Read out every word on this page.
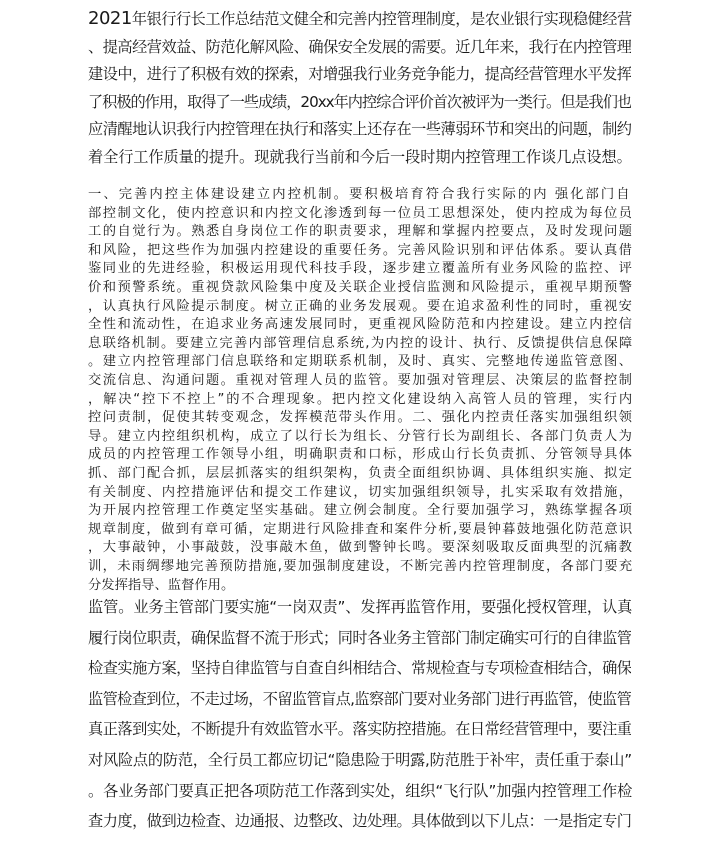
2021年银行行长工作总结范文健全和完善内控管理制度，是农业银行实现稳健经营
、提高经营效益、防范化解风险、确保安全发展的需要。近几年来，我行在内控管理
建设中，进行了积极有效的探索，对增强我行业务竞争能力，提高经营管理水平发挥
了积极的作用，取得了一些成绩，20xx年内控综合评价首次被评为一类行。但是我们也
应清醒地认识我行内控管理在执行和落实上还存在一些薄弱环节和突出的问题，制约
着全行工作质量的提升。现就我行当前和今后一段时期内控管理工作谈几点设想。
一、完善内控主体建设建立内控机制。要积极培育符合我行实际的内 强化部门自
部控制文化，使内控意识和内控文化渗透到每一位员工思想深处，使内控成为每位员
工的自觉行为。熟悉自身岗位工作的职责要求，理解和掌握内控要点，及时发现问题
和风险，把这些作为加强内控建设的重要任务。完善风险识别和评估体系。要认真借
鉴同业的先进经验，积极运用现代科技手段，逐步建立覆盖所有业务风险的监控、评
价和预警系统。重视贷款风险集中度及关联企业授信监测和风险提示，重视早期预警
，认真执行风险提示制度。树立正确的业务发展观。要在追求盈利性的同时，重视安
全性和流动性，在追求业务高速发展同时，更重视风险防范和内控建设。建立内控信
息联络机制。要建立完善内部管理信息系统,为内控的设计、执行、反馈提供信息保障
。建立内控管理部门信息联络和定期联系机制，及时、真实、完整地传递监管意图、
交流信息、沟通问题。重视对管理人员的监管。要加强对管理层、决策层的监督控制
，解决“控下不控上”的不合理现象。把内控文化建设纳入高管人员的管理，实行内
控问责制，促使其转变观念，发挥模范带头作用。二、强化内控责任落实加强组织领
导。建立内控组织机构，成立了以行长为组长、分管行长为副组长、各部门负责人为
成员的内控管理工作领导小组，明确职责和口标，形成山行长负责抓、分管领导具体
抓、部门配合抓，层层抓落实的组织架构，负责全面组织协调、具体组织实施、拟定
有关制度、内控措施评估和提交工作建议，切实加强组织领导，扎实采取有效措施，
为开展内控管理工作奠定坚实基础。建立例会制度。全行要加强学习，熟练掌握各项
规章制度，做到有章可循，定期进行风险排査和案件分析,要晨钟暮鼓地强化防范意识
，大事敲钟，小事敲鼓，没事敲木鱼，做到警钟长鸣。要深刻吸取反面典型的沉痛教
训，未雨绸缪地完善预防措施,要加强制度建设，不断完善内控管理制度，各部门要充
分发挥指导、监督作用。
监管。业务主管部门要实施“一岗双责”、发挥再监管作用，要强化授权管理，认真
履行岗位职责，确保监督不流于形式；同时各业务主管部门制定确实可行的自律监管
检查实施方案，坚持自律监管与自查自纠相结合、常规检查与专项检查相结合，确保
监管检查到位，不走过场，不留监管盲点,监察部门要对业务部门进行再监管，使监管
真正落到实处，不断提升有效监管水平。落实防控措施。在日常经营管理中，要注重
对风险点的防范，全行员工都应切记“隐患险于明露,防范胜于补牢，责任重于泰山”
。各业务部门要真正把各项防范工作落到实处，组织“飞行队”加强内控管理工作检
查力度，做到边检查、边通报、边整改、边处理。具体做到以下儿点：一是指定专门
